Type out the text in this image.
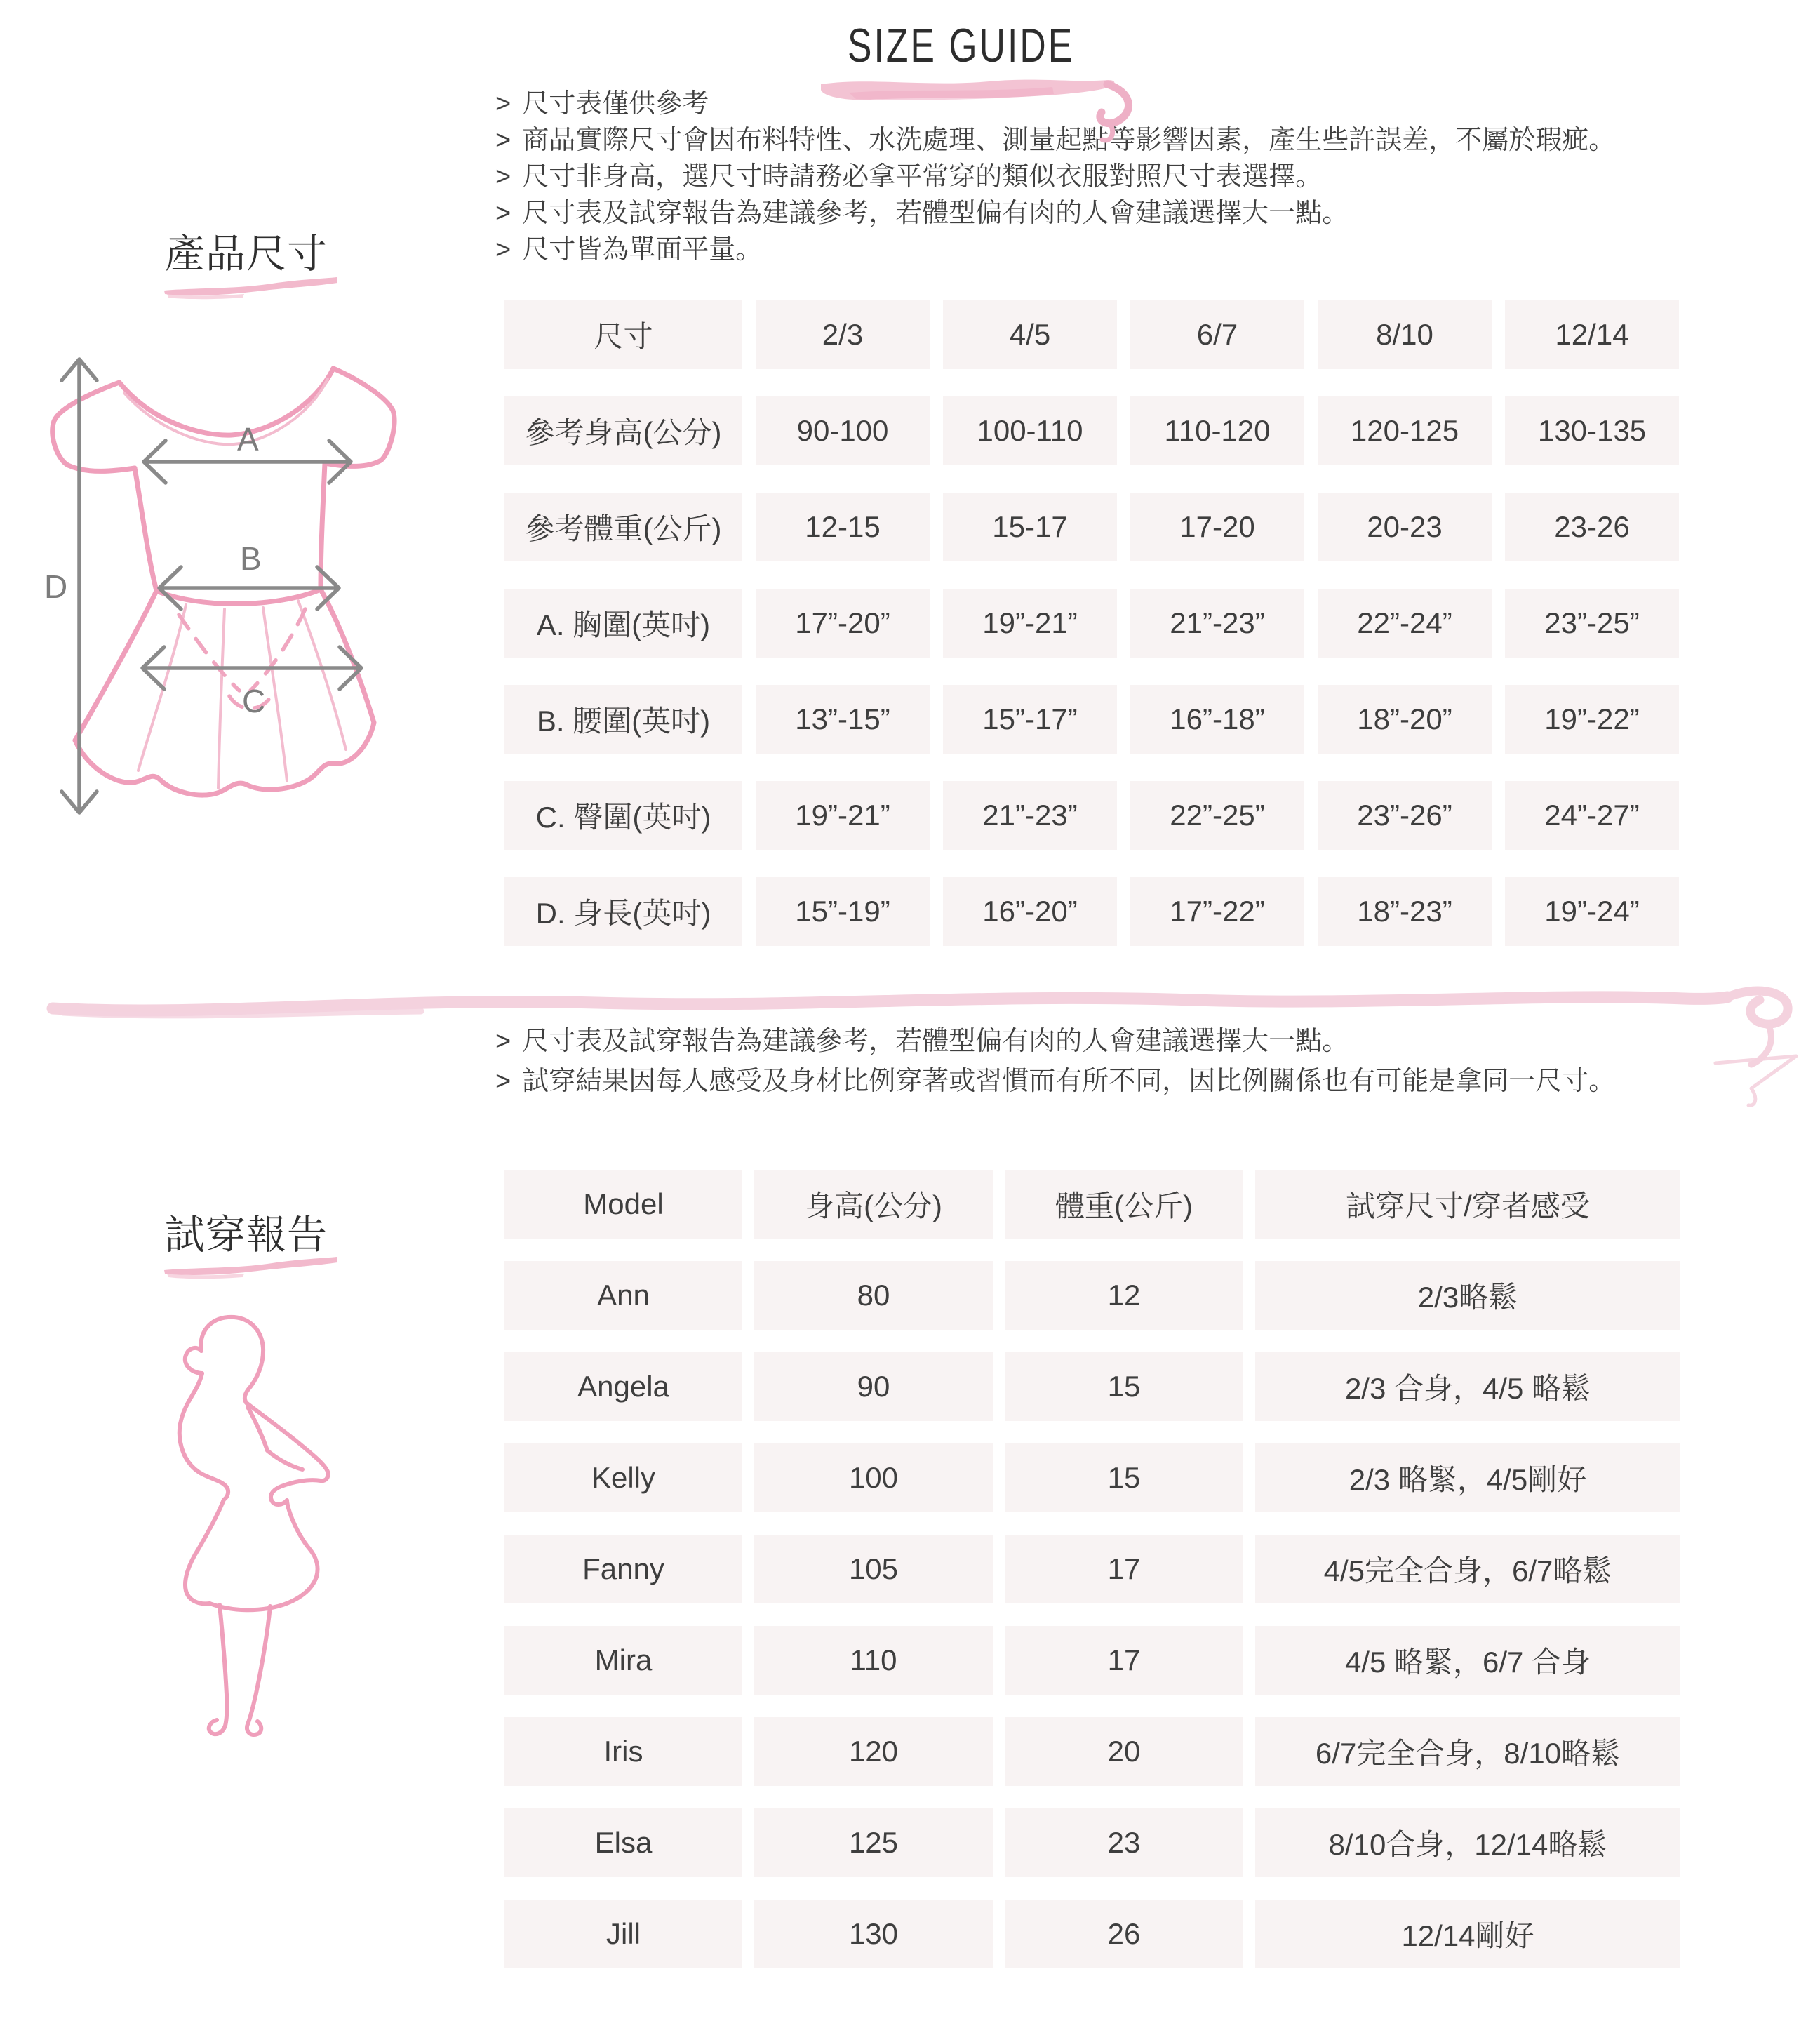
SIZE GUIDE
> 尺寸表僅供參考
> 商品實際尺寸會因布料特性、水洗處理、測量起點等影響因素，產生些許誤差，不屬於瑕疵。
> 尺寸非身高，選尺寸時請務必拿平常穿的類似衣服對照尺寸表選擇。
> 尺寸表及試穿報告為建議參考，若體型偏有肉的人會建議選擇大一點。
> 尺寸皆為單面平量。
產品尺寸
A
B
C
D
尺寸	2/3	4/5	6/7	8/10	12/14
參考身高(公分)	90-100	100-110	110-120	120-125	130-135
參考體重(公斤)	12-15	15-17	17-20	20-23	23-26
A. 胸圍(英吋)	17”-20”	19”-21”	21”-23”	22”-24”	23”-25”
B. 腰圍(英吋)	13”-15”	15”-17”	16”-18”	18”-20”	19”-22”
C. 臀圍(英吋)	19”-21”	21”-23”	22”-25”	23”-26”	24”-27”
D. 身長(英吋)	15”-19”	16”-20”	17”-22”	18”-23”	19”-24”
> 尺寸表及試穿報告為建議參考，若體型偏有肉的人會建議選擇大一點。
> 試穿結果因每人感受及身材比例穿著或習慣而有所不同，因比例關係也有可能是拿同一尺寸。
試穿報告
Model	身高(公分)	體重(公斤)	試穿尺寸/穿者感受
Ann	80	12	2/3略鬆
Angela	90	15	2/3 合身，4/5 略鬆
Kelly	100	15	2/3 略緊，4/5剛好
Fanny	105	17	4/5完全合身，6/7略鬆
Mira	110	17	4/5 略緊，6/7 合身
Iris	120	20	6/7完全合身，8/10略鬆
Elsa	125	23	8/10合身，12/14略鬆
Jill	130	26	12/14剛好
